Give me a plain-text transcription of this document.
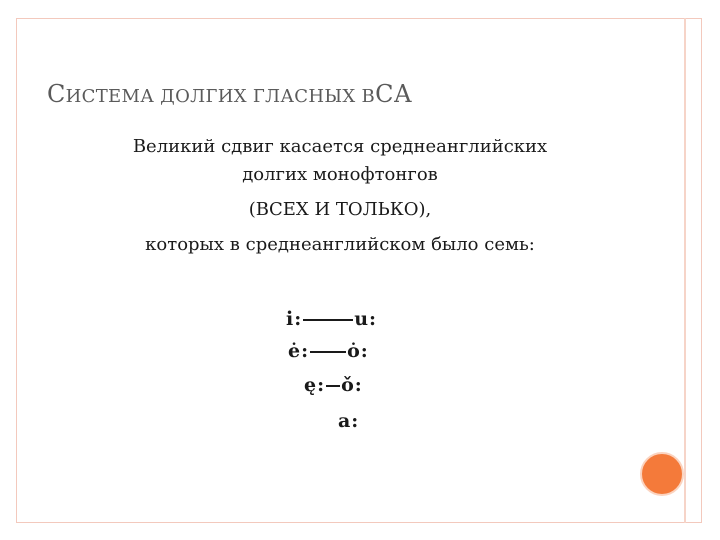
СИСТЕМА ДОЛГИХ ГЛАСНЫХ ВСА
Великий сдвиг касается среднеанглийских
долгих монофтонгов
(ВСЕХ И ТОЛЬКО),
которых в среднеанглийском было семь:
i:	u:
ė: ȯ:
ę: ǒ:
a:
